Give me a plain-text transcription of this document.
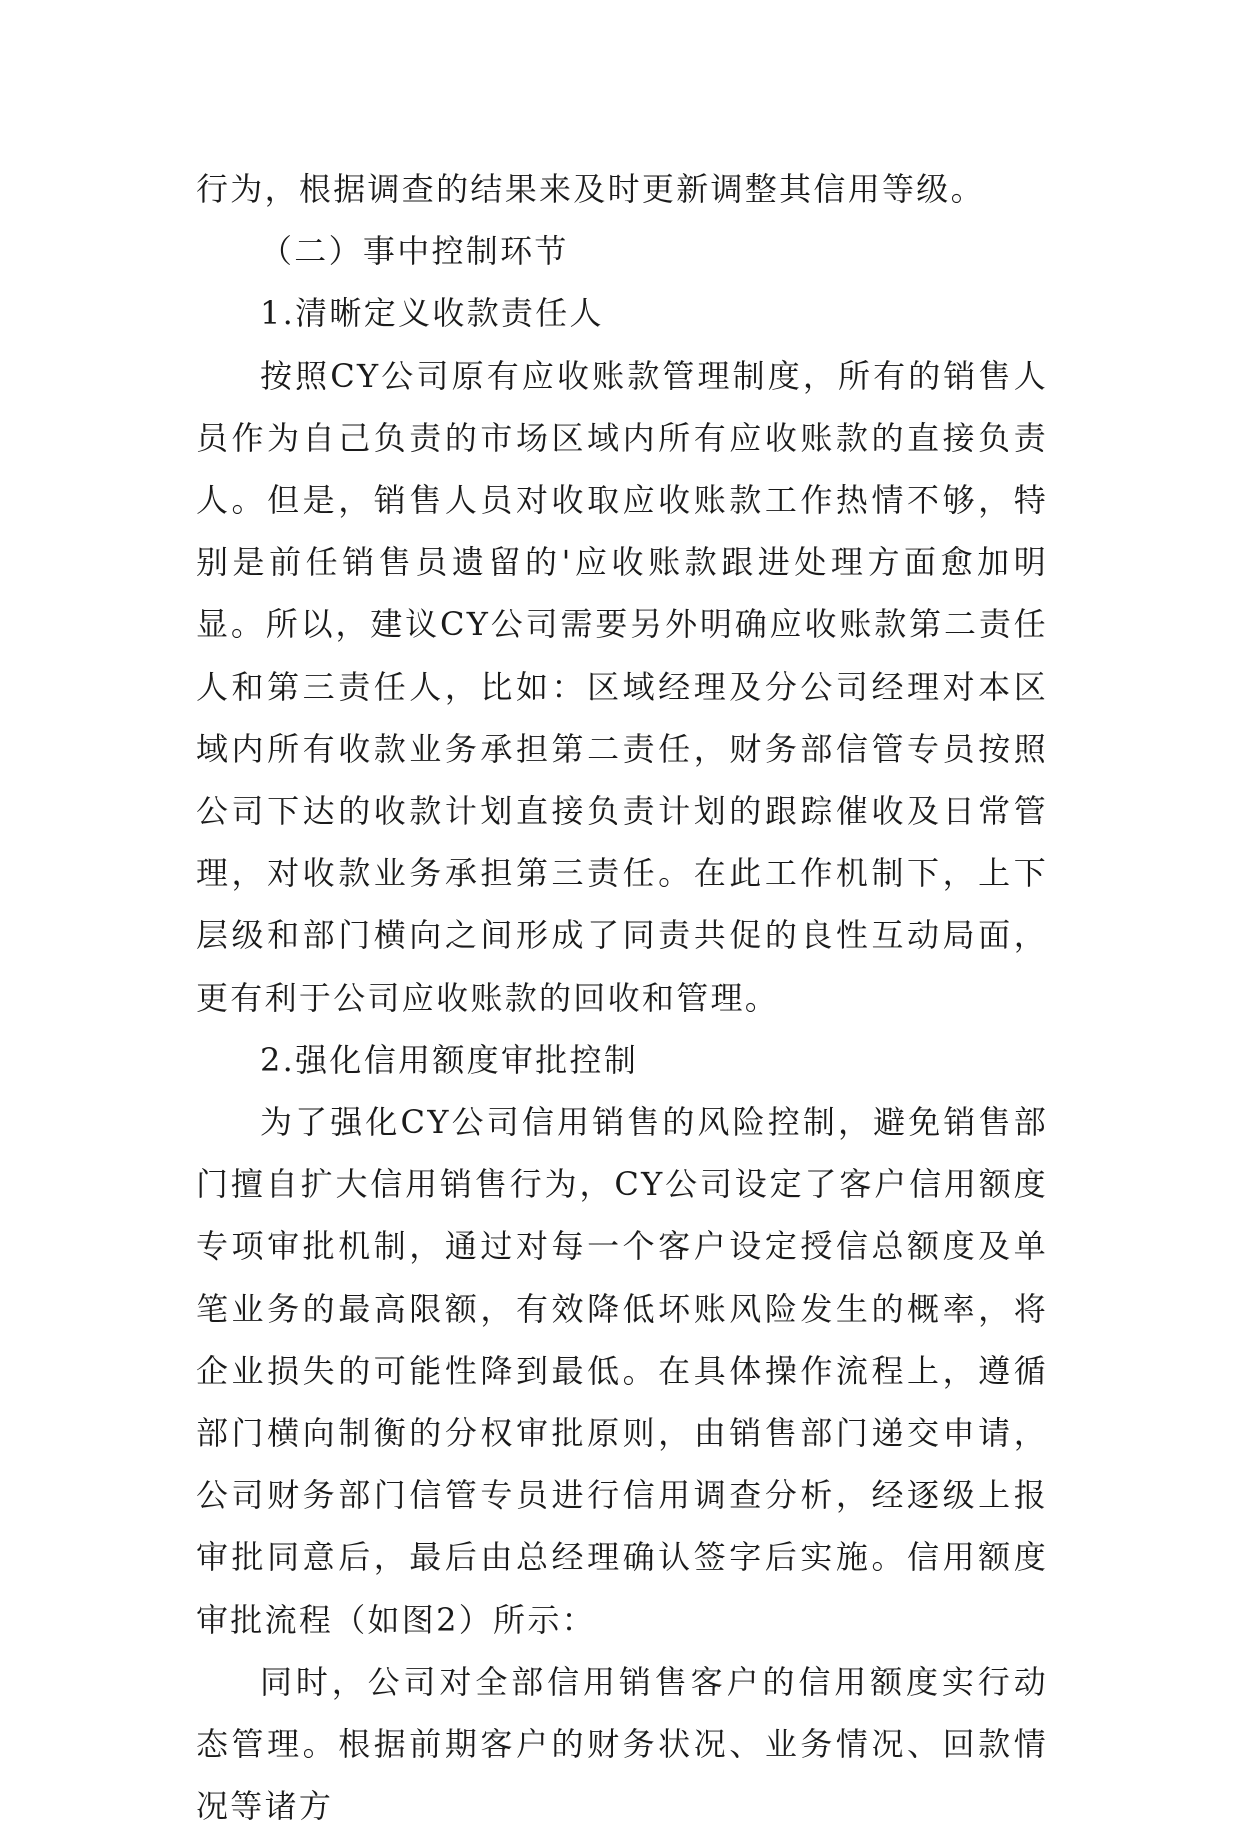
行为，根据调查的结果来及时更新调整其信用等级。

（二）事中控制环节

1.清晰定义收款责任人

按照CY公司原有应收账款管理制度，所有的销售人员作为自己负责的市场区域内所有应收账款的直接负责人。但是，销售人员对收取应收账款工作热情不够，特别是前任销售员遗留的'应收账款跟进处理方面愈加明显。所以，建议CY公司需要另外明确应收账款第二责任人和第三责任人，比如：区域经理及分公司经理对本区域内所有收款业务承担第二责任，财务部信管专员按照公司下达的收款计划直接负责计划的跟踪催收及日常管理，对收款业务承担第三责任。在此工作机制下，上下层级和部门横向之间形成了同责共促的良性互动局面，更有利于公司应收账款的回收和管理。

2.强化信用额度审批控制

为了强化CY公司信用销售的风险控制，避免销售部门擅自扩大信用销售行为，CY公司设定了客户信用额度专项审批机制，通过对每一个客户设定授信总额度及单笔业务的最高限额，有效降低坏账风险发生的概率，将企业损失的可能性降到最低。在具体操作流程上，遵循部门横向制衡的分权审批原则，由销售部门递交申请，公司财务部门信管专员进行信用调查分析，经逐级上报审批同意后，最后由总经理确认签字后实施。信用额度审批流程（如图2）所示：

同时，公司对全部信用销售客户的信用额度实行动态管理。根据前期客户的财务状况、业务情况、回款情况等诸方
